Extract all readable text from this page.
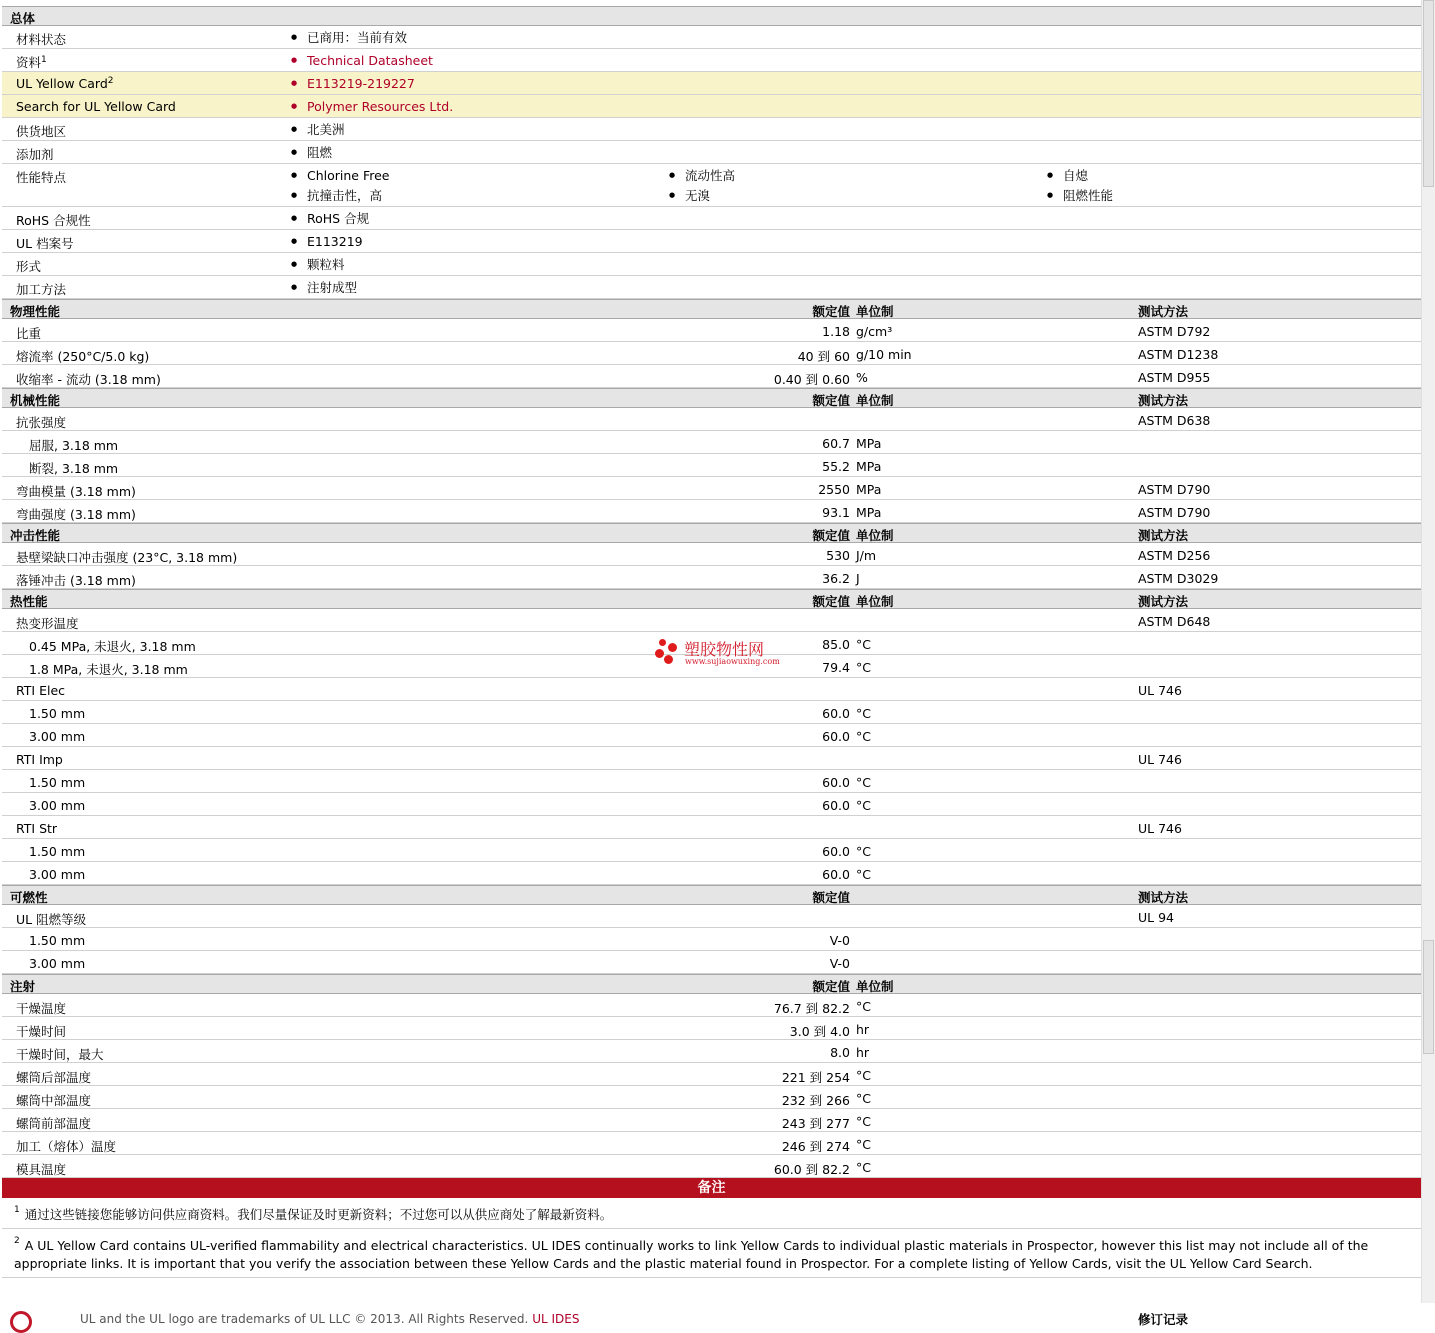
总体
材料状态	● 已商用：当前有效
资料$^1$	● Technical Datasheet
UL Yellow Card$^2$	● E113219-219227
Search for UL Yellow Card	● Polymer Resources Ltd.
供货地区	● 北美洲
添加剂	● 阻燃
性能特点	● Chlorine Free	● 流动性高	● 自熄
● 抗撞击性，高	● 无溴	● 阻燃性能
RoHS 合规性	● RoHS 合规
UL 档案号	● E113219
形式	● 颗粒料
加工方法	● 注射成型
物理性能	额定值 单位制	测试方法
比重	1.18 g/cm³	ASTM D792
熔流率 (250°C/5.0 kg)	40 到 60 g/10 min	ASTM D1238
收缩率 - 流动 (3.18 mm)	0.40 到 0.60 %	ASTM D955
机械性能	额定值 单位制	测试方法
抗张强度	ASTM D638
屈服, 3.18 mm	60.7 MPa
断裂, 3.18 mm	55.2 MPa
弯曲模量 (3.18 mm)	2550 MPa	ASTM D790
弯曲强度 (3.18 mm)	93.1 MPa	ASTM D790
冲击性能	额定值 单位制	测试方法
悬壁梁缺口冲击强度 (23°C, 3.18 mm)	530 J/m	ASTM D256
落锤冲击 (3.18 mm)	36.2 J	ASTM D3029
热性能	额定值 单位制	测试方法
热变形温度	ASTM D648
0.45 MPa, 未退火, 3.18 mm	85.0 °C
1.8 MPa, 未退火, 3.18 mm	79.4 °C
RTI Elec	UL 746
1.50 mm	60.0 °C
3.00 mm	60.0 °C
RTI Imp	UL 746
1.50 mm	60.0 °C
3.00 mm	60.0 °C
RTI Str	UL 746
1.50 mm	60.0 °C
3.00 mm	60.0 °C
可燃性	额定值	测试方法
UL 阻燃等级	UL 94
1.50 mm	V-0
3.00 mm	V-0
注射	额定值 单位制
干燥温度	76.7 到 82.2 °C
干燥时间	3.0 到 4.0 hr
干燥时间，最大	8.0 hr
螺筒后部温度	221 到 254 °C
螺筒中部温度	232 到 266 °C
螺筒前部温度	243 到 277 °C
加工（熔体）温度	246 到 274 °C
模具温度	60.0 到 82.2 °C
备注
$^1$ 通过这些链接您能够访问供应商资料。我们尽量保证及时更新资料；不过您可以从供应商处了解最新资料。
$^2$ A UL Yellow Card contains UL-verified flammability and electrical characteristics. UL IDES continually works to link Yellow Cards to individual plastic materials in Prospector, however this list may not include all of the appropriate links. It is important that you verify the association between these Yellow Cards and the plastic material found in Prospector. For a complete listing of Yellow Cards, visit the UL Yellow Card Search.
UL and the UL logo are trademarks of UL LLC © 2013. All Rights Reserved. UL IDES	修订记录
塑胶物性网
www.sujiaowuxing.com
